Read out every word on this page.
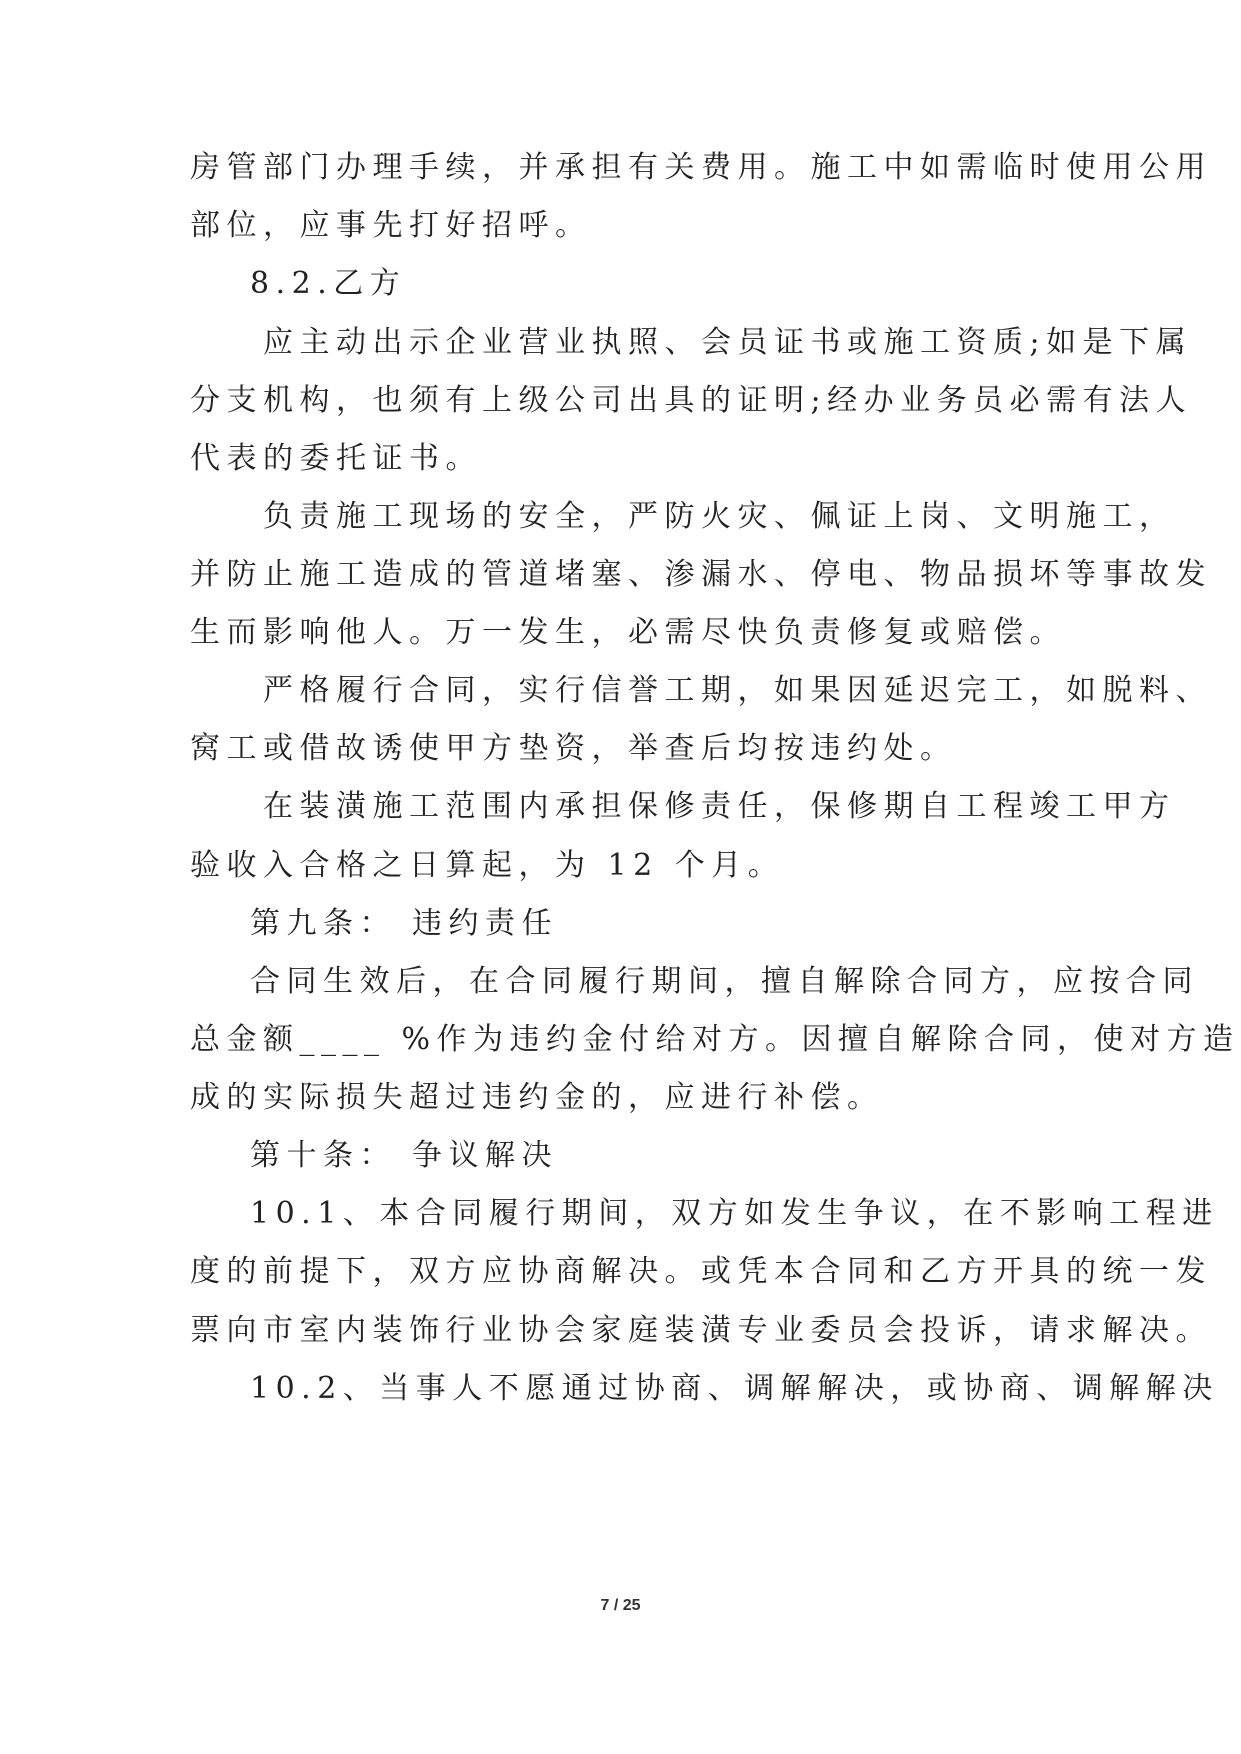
房管部门办理手续，并承担有关费用。施工中如需临时使用公用
部位，应事先打好招呼。
8.2.乙方
应主动出示企业营业执照、会员证书或施工资质;如是下属
分支机构，也须有上级公司出具的证明;经办业务员必需有法人
代表的委托证书。
负责施工现场的安全，严防火灾、佩证上岗、文明施工，
并防止施工造成的管道堵塞、渗漏水、停电、物品损坏等事故发
生而影响他人。万一发生，必需尽快负责修复或赔偿。
严格履行合同，实行信誉工期，如果因延迟完工，如脱料、
窝工或借故诱使甲方垫资，举查后均按违约处。
在装潢施工范围内承担保修责任，保修期自工程竣工甲方
验收入合格之日算起，为 12 个月。
第九条： 违约责任
合同生效后，在合同履行期间，擅自解除合同方，应按合同
总金额____ %作为违约金付给对方。因擅自解除合同，使对方造
成的实际损失超过违约金的，应进行补偿。
第十条： 争议解决
10.1、本合同履行期间，双方如发生争议，在不影响工程进
度的前提下，双方应协商解决。或凭本合同和乙方开具的统一发
票向市室内装饰行业协会家庭装潢专业委员会投诉，请求解决。
10.2、当事人不愿通过协商、调解解决，或协商、调解解决
7 / 25
